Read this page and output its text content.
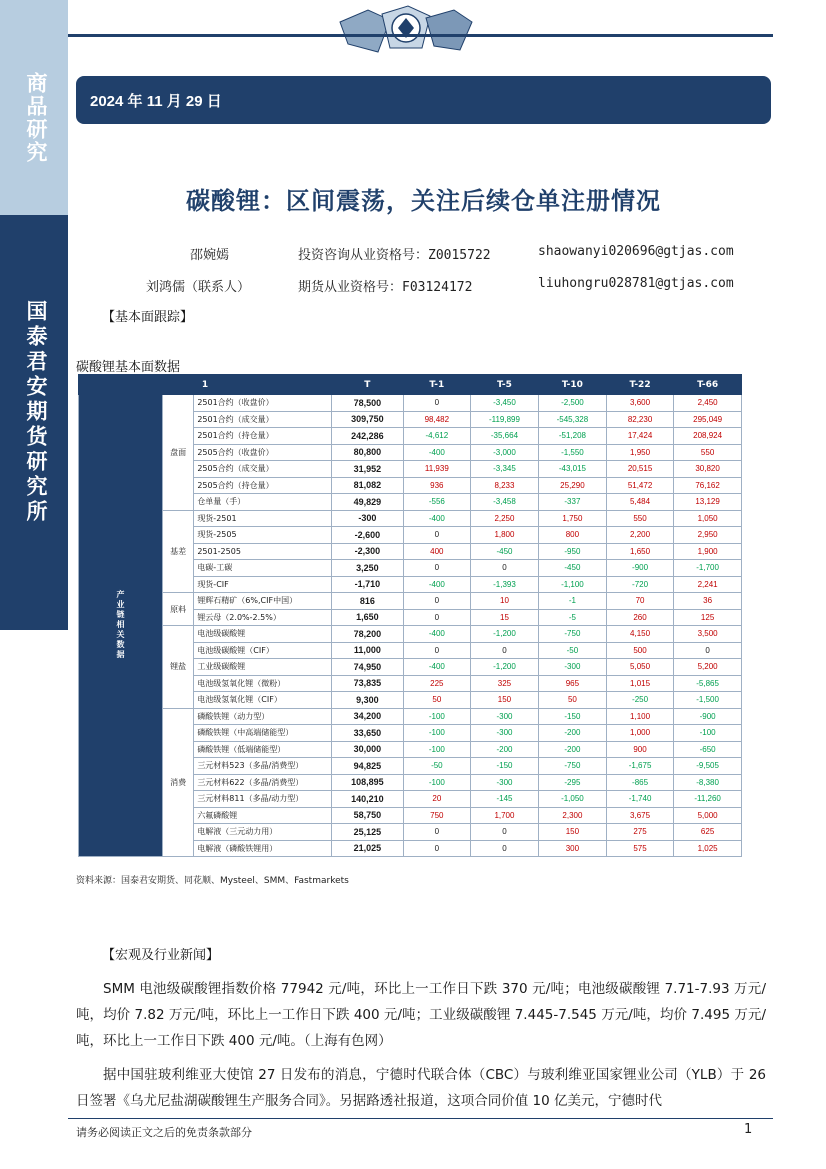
商品研究
国泰君安期货研究所
2024 年 11 月 29 日
碳酸锂：区间震荡，关注后续仓单注册情况
邵婉嫣	投资咨询从业资格号：Z0015722	shaowanyi020696@gtjas.com
刘鸿儒（联系人）	期货从业资格号：F03124172	liuhongru028781@gtjas.com
【基本面跟踪】
碳酸锂基本面数据
1			T	T-1	T-5	T-10	T-22	T-66
产业链相关数据	盘面	2501合约（收盘价）	78,500	0	-3,450	-2,500	3,600	2,450
		2501合约（成交量）	309,750	98,482	-119,899	-545,328	82,230	295,049
		2501合约（持仓量）	242,286	-4,612	-35,664	-51,208	17,424	208,924
		2505合约（收盘价）	80,800	-400	-3,000	-1,550	1,950	550
		2505合约（成交量）	31,952	11,939	-3,345	-43,015	20,515	30,820
		2505合约（持仓量）	81,082	936	8,233	25,290	51,472	76,162
		仓单量（手）	49,829	-556	-3,458	-337	5,484	13,129
	基差	现货-2501	-300	-400	2,250	1,750	550	1,050
		现货-2505	-2,600	0	1,800	800	2,200	2,950
		2501-2505	-2,300	400	-450	-950	1,650	1,900
		电碳-工碳	3,250	0	0	-450	-900	-1,700
		现货-CIF	-1,710	-400	-1,393	-1,100	-720	2,241
	原料	锂辉石精矿（6%,CIF中国）	816	0	10	-1	70	36
		锂云母（2.0%-2.5%）	1,650	0	15	-5	260	125
	锂盐	电池级碳酸锂	78,200	-400	-1,200	-750	4,150	3,500
		电池级碳酸锂（CIF）	11,000	0	0	-50	500	0
		工业级碳酸锂	74,950	-400	-1,200	-300	5,050	5,200
		电池级氢氧化锂（微粉）	73,835	225	325	965	1,015	-5,865
		电池级氢氧化锂（CIF）	9,300	50	150	50	-250	-1,500
	消费	磷酸铁锂（动力型）	34,200	-100	-300	-150	1,100	-900
		磷酸铁锂（中高端储能型）	33,650	-100	-300	-200	1,000	-100
		磷酸铁锂（低端储能型）	30,000	-100	-200	-200	900	-650
		三元材料523（多晶/消费型）	94,825	-50	-150	-750	-1,675	-9,505
		三元材料622（多晶/消费型）	108,895	-100	-300	-295	-865	-8,380
		三元材料811（多晶/动力型）	140,210	20	-145	-1,050	-1,740	-11,260
		六氟磷酸锂	58,750	750	1,700	2,300	3,675	5,000
		电解液（三元动力用）	25,125	0	0	150	275	625
		电解液（磷酸铁锂用）	21,025	0	0	300	575	1,025
资料来源：国泰君安期货、同花顺、Mysteel、SMM、Fastmarkets
【宏观及行业新闻】
SMM 电池级碳酸锂指数价格 77942 元/吨，环比上一工作日下跌 370 元/吨；电池级碳酸锂 7.71-7.93 万元/吨，均价 7.82 万元/吨，环比上一工作日下跌 400 元/吨；工业级碳酸锂 7.445-7.545 万元/吨，均价 7.495 万元/吨，环比上一工作日下跌 400 元/吨。（上海有色网）
据中国驻玻利维亚大使馆 27 日发布的消息，宁德时代联合体（CBC）与玻利维亚国家锂业公司（YLB）于 26 日签署《乌尤尼盐湖碳酸锂生产服务合同》。另据路透社报道，这项合同价值 10 亿美元，宁德时代
请务必阅读正文之后的免责条款部分	1
